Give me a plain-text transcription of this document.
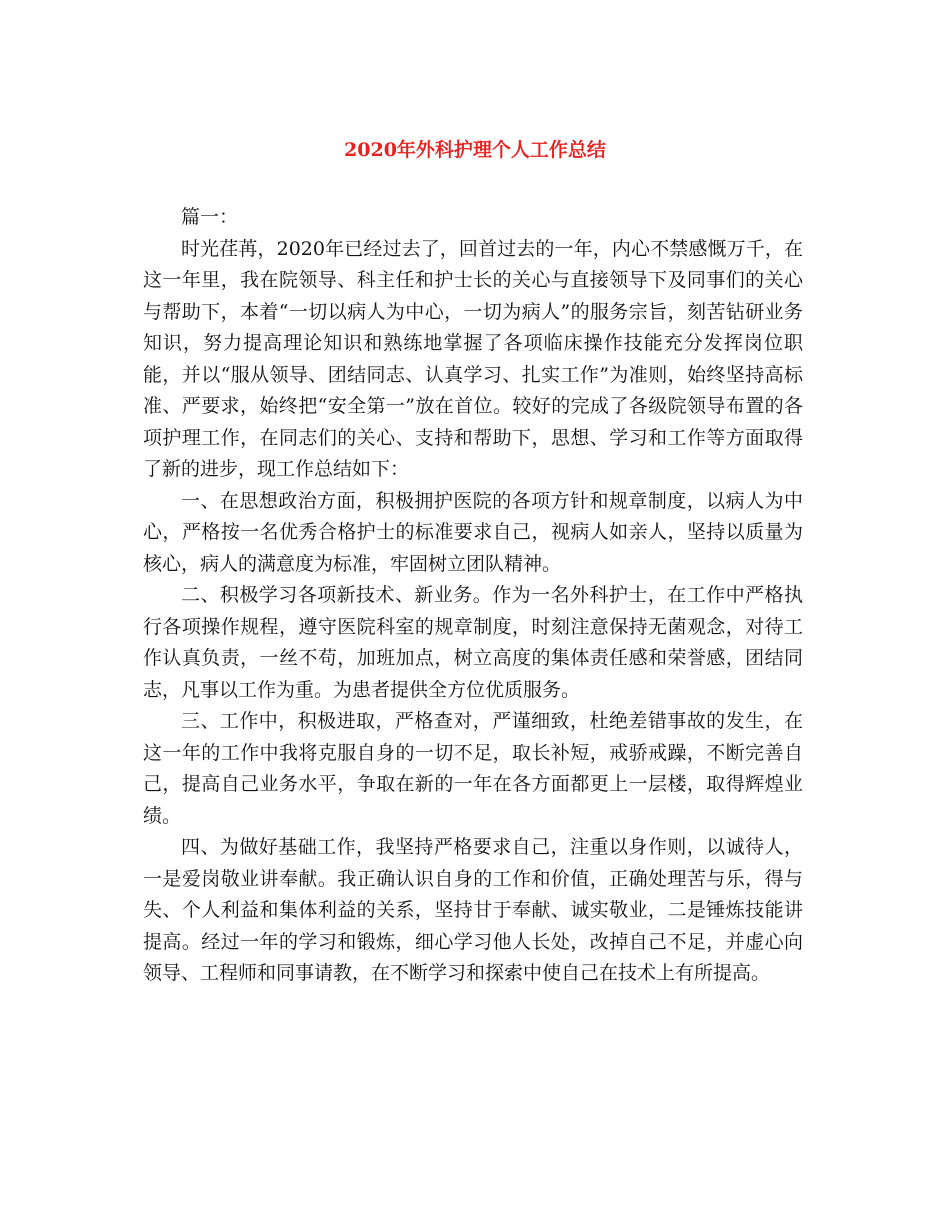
2020年外科护理个人工作总结

篇一：

时光荏苒，2020年已经过去了，回首过去的一年，内心不禁感慨万千，在这一年里，我在院领导、科主任和护士长的关心与直接领导下及同事们的关心与帮助下，本着“一切以病人为中心，一切为病人”的服务宗旨，刻苦钻研业务知识，努力提高理论知识和熟练地掌握了各项临床操作技能充分发挥岗位职能，并以“服从领导、团结同志、认真学习、扎实工作”为准则，始终坚持高标准、严要求，始终把“安全第一”放在首位。较好的完成了各级院领导布置的各项护理工作，在同志们的关心、支持和帮助下，思想、学习和工作等方面取得了新的进步，现工作总结如下：

一、在思想政治方面，积极拥护医院的各项方针和规章制度，以病人为中心，严格按一名优秀合格护士的标准要求自己，视病人如亲人，坚持以质量为核心，病人的满意度为标准，牢固树立团队精神。

二、积极学习各项新技术、新业务。作为一名外科护士，在工作中严格执行各项操作规程，遵守医院科室的规章制度，时刻注意保持无菌观念，对待工作认真负责，一丝不苟，加班加点，树立高度的集体责任感和荣誉感，团结同志，凡事以工作为重。为患者提供全方位优质服务。

三、工作中，积极进取，严格查对，严谨细致，杜绝差错事故的发生，在这一年的工作中我将克服自身的一切不足，取长补短，戒骄戒躁，不断完善自己，提高自己业务水平，争取在新的一年在各方面都更上一层楼，取得辉煌业绩。

四、为做好基础工作，我坚持严格要求自己，注重以身作则，以诚待人，一是爱岗敬业讲奉献。我正确认识自身的工作和价值，正确处理苦与乐，得与失、个人利益和集体利益的关系，坚持甘于奉献、诚实敬业，二是锤炼技能讲提高。经过一年的学习和锻炼，细心学习他人长处，改掉自己不足，并虚心向领导、工程师和同事请教，在不断学习和探索中使自己在技术上有所提高。
